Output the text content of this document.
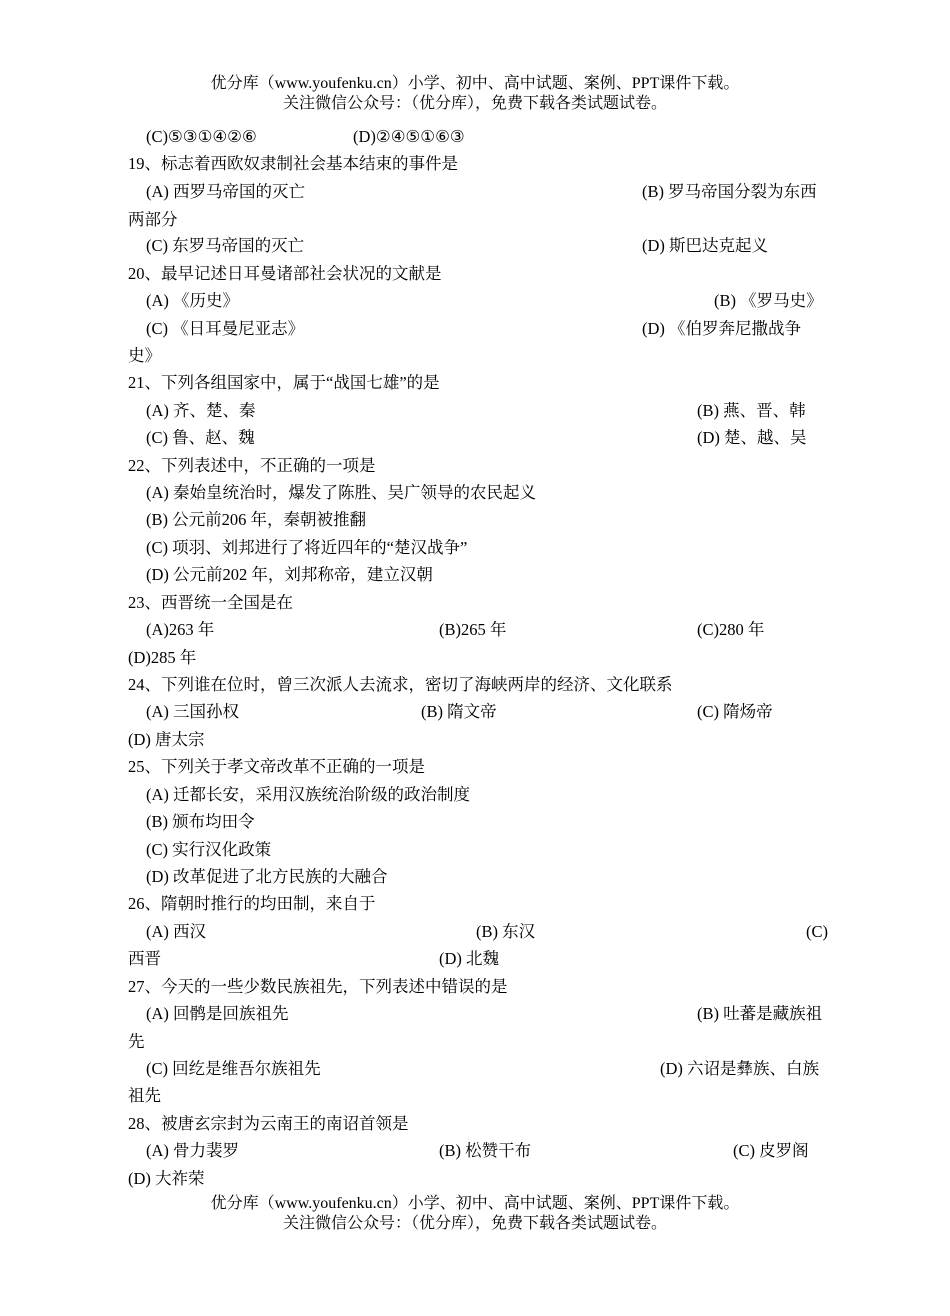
优分库（www.youfenku.cn）小学、初中、高中试题、案例、PPT课件下载。
关注微信公众号：（优分库），免费下载各类试题试卷。
(C)⑤③①④②⑥	(D)②④⑤①⑥③
19、标志着西欧奴隶制社会基本结束的事件是
(A) 西罗马帝国的灭亡	(B) 罗马帝国分裂为东西
两部分
(C) 东罗马帝国的灭亡	(D) 斯巴达克起义
20、最早记述日耳曼诸部社会状况的文献是
(A) 《历史》	(B) 《罗马史》
(C) 《日耳曼尼亚志》	(D) 《伯罗奔尼撒战争
史》
21、下列各组国家中，属于“战国七雄”的是
(A) 齐、楚、秦	(B) 燕、晋、韩
(C) 鲁、赵、魏	(D) 楚、越、吴
22、下列表述中，不正确的一项是
(A) 秦始皇统治时，爆发了陈胜、吴广领导的农民起义
(B) 公元前206 年，秦朝被推翻
(C) 项羽、刘邦进行了将近四年的“楚汉战争”
(D) 公元前202 年，刘邦称帝，建立汉朝
23、西晋统一全国是在
(A)263 年	(B)265 年	(C)280 年
(D)285 年
24、下列谁在位时，曾三次派人去流求，密切了海峡两岸的经济、文化联系
(A) 三国孙权	(B) 隋文帝	(C) 隋炀帝
(D) 唐太宗
25、下列关于孝文帝改革不正确的一项是
(A) 迁都长安，采用汉族统治阶级的政治制度
(B) 颁布均田令
(C) 实行汉化政策
(D) 改革促进了北方民族的大融合
26、隋朝时推行的均田制，来自于
(A) 西汉	(B) 东汉	(C)
西晋	(D) 北魏
27、今天的一些少数民族祖先，下列表述中错误的是
(A) 回鹘是回族祖先	(B) 吐蕃是藏族祖
先
(C) 回纥是维吾尔族祖先	(D) 六诏是彝族、白族
祖先
28、被唐玄宗封为云南王的南诏首领是
(A) 骨力裴罗	(B) 松赞干布	(C) 皮罗阁
(D) 大祚荣
优分库（www.youfenku.cn）小学、初中、高中试题、案例、PPT课件下载。
关注微信公众号：（优分库），免费下载各类试题试卷。
